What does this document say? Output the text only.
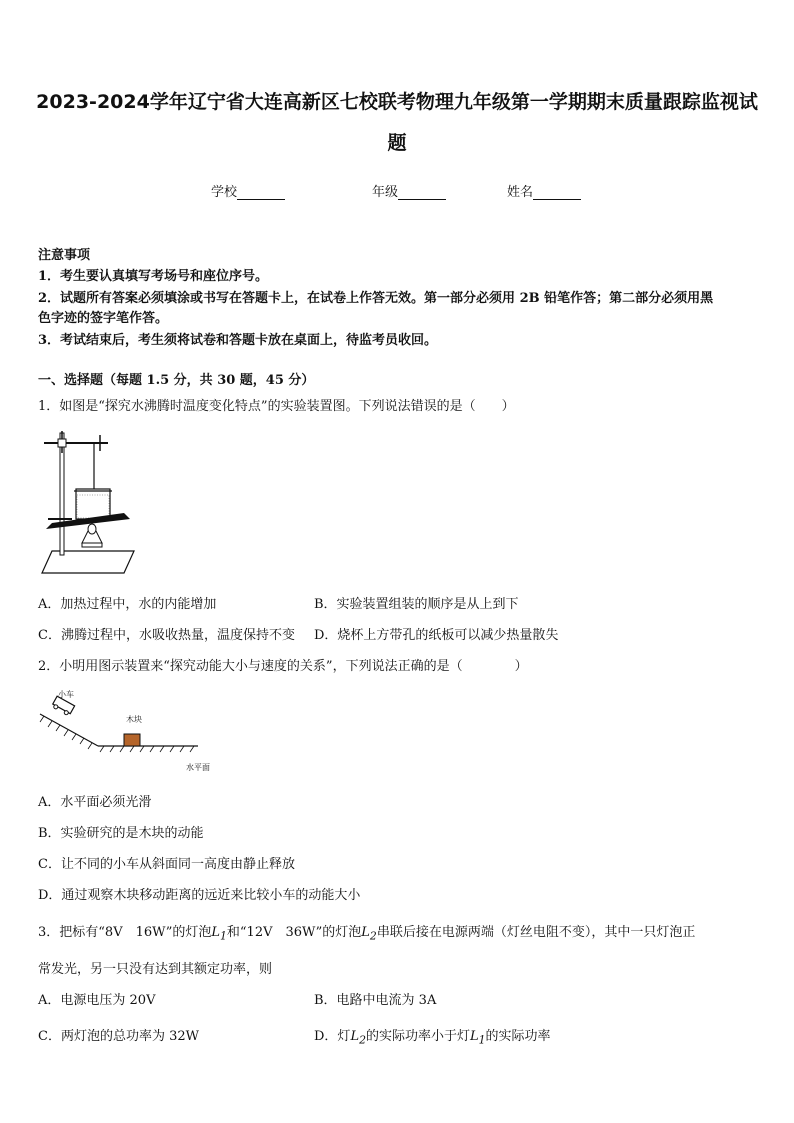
2023-2024学年辽宁省大连高新区七校联考物理九年级第一学期期末质量跟踪监视试
题
学校	年级	姓名
注意事项
1．考生要认真填写考场号和座位序号。
2．试题所有答案必须填涂或书写在答题卡上，在试卷上作答无效。第一部分必须用 2B 铅笔作答；第二部分必须用黑
色字迹的签字笔作答。
3．考试结束后，考生须将试卷和答题卡放在桌面上，待监考员收回。
一、选择题（每题 1.5 分，共 30 题，45 分）
1．如图是“探究水沸腾时温度变化特点”的实验装置图。下列说法错误的是（　　）
A．加热过程中，水的内能增加	B．实验装置组装的顺序是从上到下
C．沸腾过程中，水吸收热量，温度保持不变 D．烧杯上方带孔的纸板可以减少热量散失
2．小明用图示装置来“探究动能大小与速度的关系”，下列说法正确的是（　　　　）
小车
木块
水平面
A．水平面必须光滑
B．实验研究的是木块的动能
C．让不同的小车从斜面同一高度由静止释放
D．通过观察木块移动距离的远近来比较小车的动能大小
3．把标有“8V　16W”的灯泡$L_1$和“12V　36W”的灯泡$L_2$串联后接在电源两端（灯丝电阻不变），其中一只灯泡正
常发光，另一只没有达到其额定功率，则
A．电源电压为 20V	B．电路中电流为 3A
C．两灯泡的总功率为 32W	D．灯$L_2$的实际功率小于灯$L_1$的实际功率
